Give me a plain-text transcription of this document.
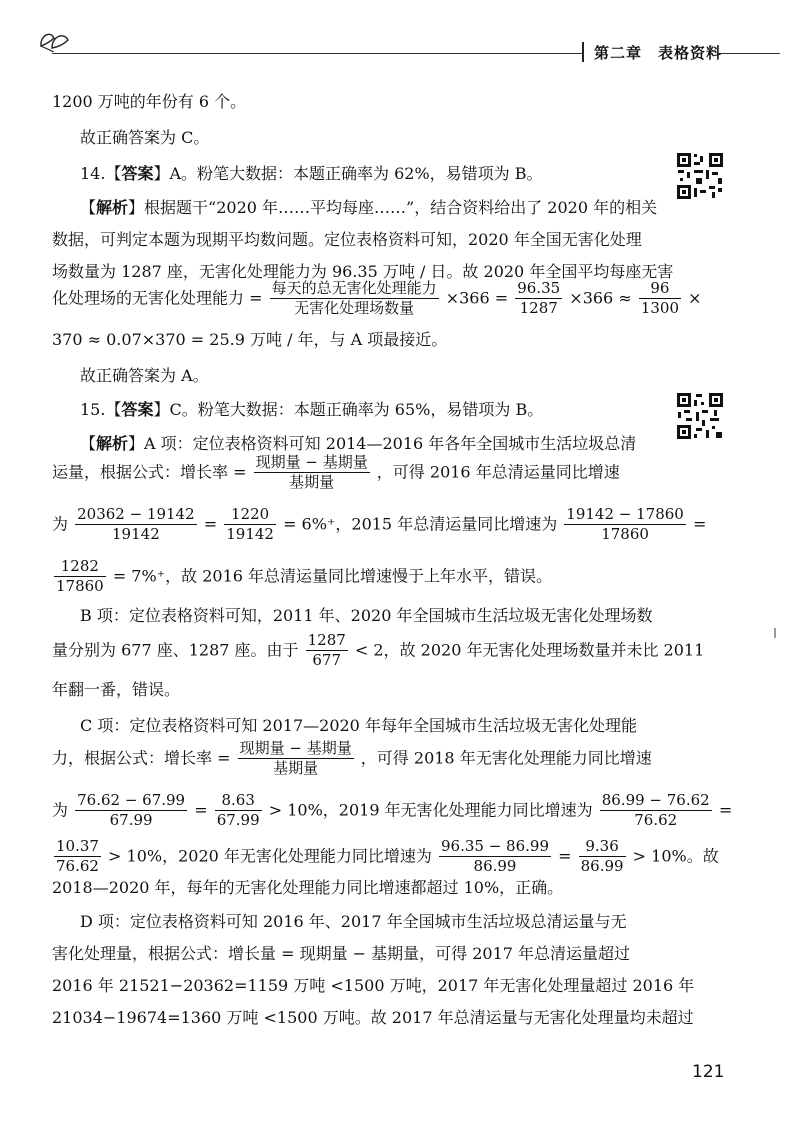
第二章 表格资料
1200 万吨的年份有 6 个。
故正确答案为 C。
14.【答案】A。粉笔大数据：本题正确率为 62%，易错项为 B。
【解析】根据题干“2020 年……平均每座……”，结合资料给出了 2020 年的相关
数据，可判定本题为现期平均数问题。定位表格资料可知，2020 年全国无害化处理
场数量为 1287 座，无害化处理能力为 96.35 万吨 / 日。故 2020 年全国平均每座无害
化处理场的无害化处理能力 =
每天的总无害化处理能力
无害化处理场数量
$\times 366 = \frac{96.35}{1287} \times 366 \approx \frac{96}{1300}$ ×
370 ≈ 0.07×370 = 25.9 万吨 / 年，与 A 项最接近。
故正确答案为 A。
15.【答案】C。粉笔大数据：本题正确率为 65%，易错项为 B。
【解析】A 项：定位表格资料可知 2014—2016 年各年全国城市生活垃圾总清
运量，根据公式：增长率 =
现期量 − 基期量
基期量
，可得 2016 年总清运量同比增速
为 $\frac{20362 - 19142}{19142} = \frac{1220}{19142} = 6\%^+$，2015 年总清运量同比增速为 $\frac{19142 - 17860}{17860}$ =
$\frac{1282}{17860} = 7\%^+$，故 2016 年总清运量同比增速慢于上年水平，错误。
B 项：定位表格资料可知，2011 年、2020 年全国城市生活垃圾无害化处理场数
量分别为 677 座、1287 座。由于 $\frac{1287}{677} < 2$，故 2020 年无害化处理场数量并未比 2011
年翻一番，错误。
C 项：定位表格资料可知 2017—2020 年每年全国城市生活垃圾无害化处理能
力，根据公式：增长率 =
现期量 − 基期量
基期量
，可得 2018 年无害化处理能力同比增速
为 $\frac{76.62 - 67.99}{67.99} = \frac{8.63}{67.99} > 10\%$，2019 年无害化处理能力同比增速为 $\frac{86.99 - 76.62}{76.62}$ =
$\frac{10.37}{76.62} > 10\%$，2020 年无害化处理能力同比增速为 $\frac{96.35 - 86.99}{86.99} = \frac{9.36}{86.99} > 10\%$。故
2018—2020 年，每年的无害化处理能力同比增速都超过 10%，正确。
D 项：定位表格资料可知 2016 年、2017 年全国城市生活垃圾总清运量与无
害化处理量，根据公式：增长量 = 现期量 − 基期量，可得 2017 年总清运量超过
2016 年 21521−20362=1159 万吨 <1500 万吨，2017 年无害化处理量超过 2016 年
21034−19674=1360 万吨 <1500 万吨。故 2017 年总清运量与无害化处理量均未超过
121
